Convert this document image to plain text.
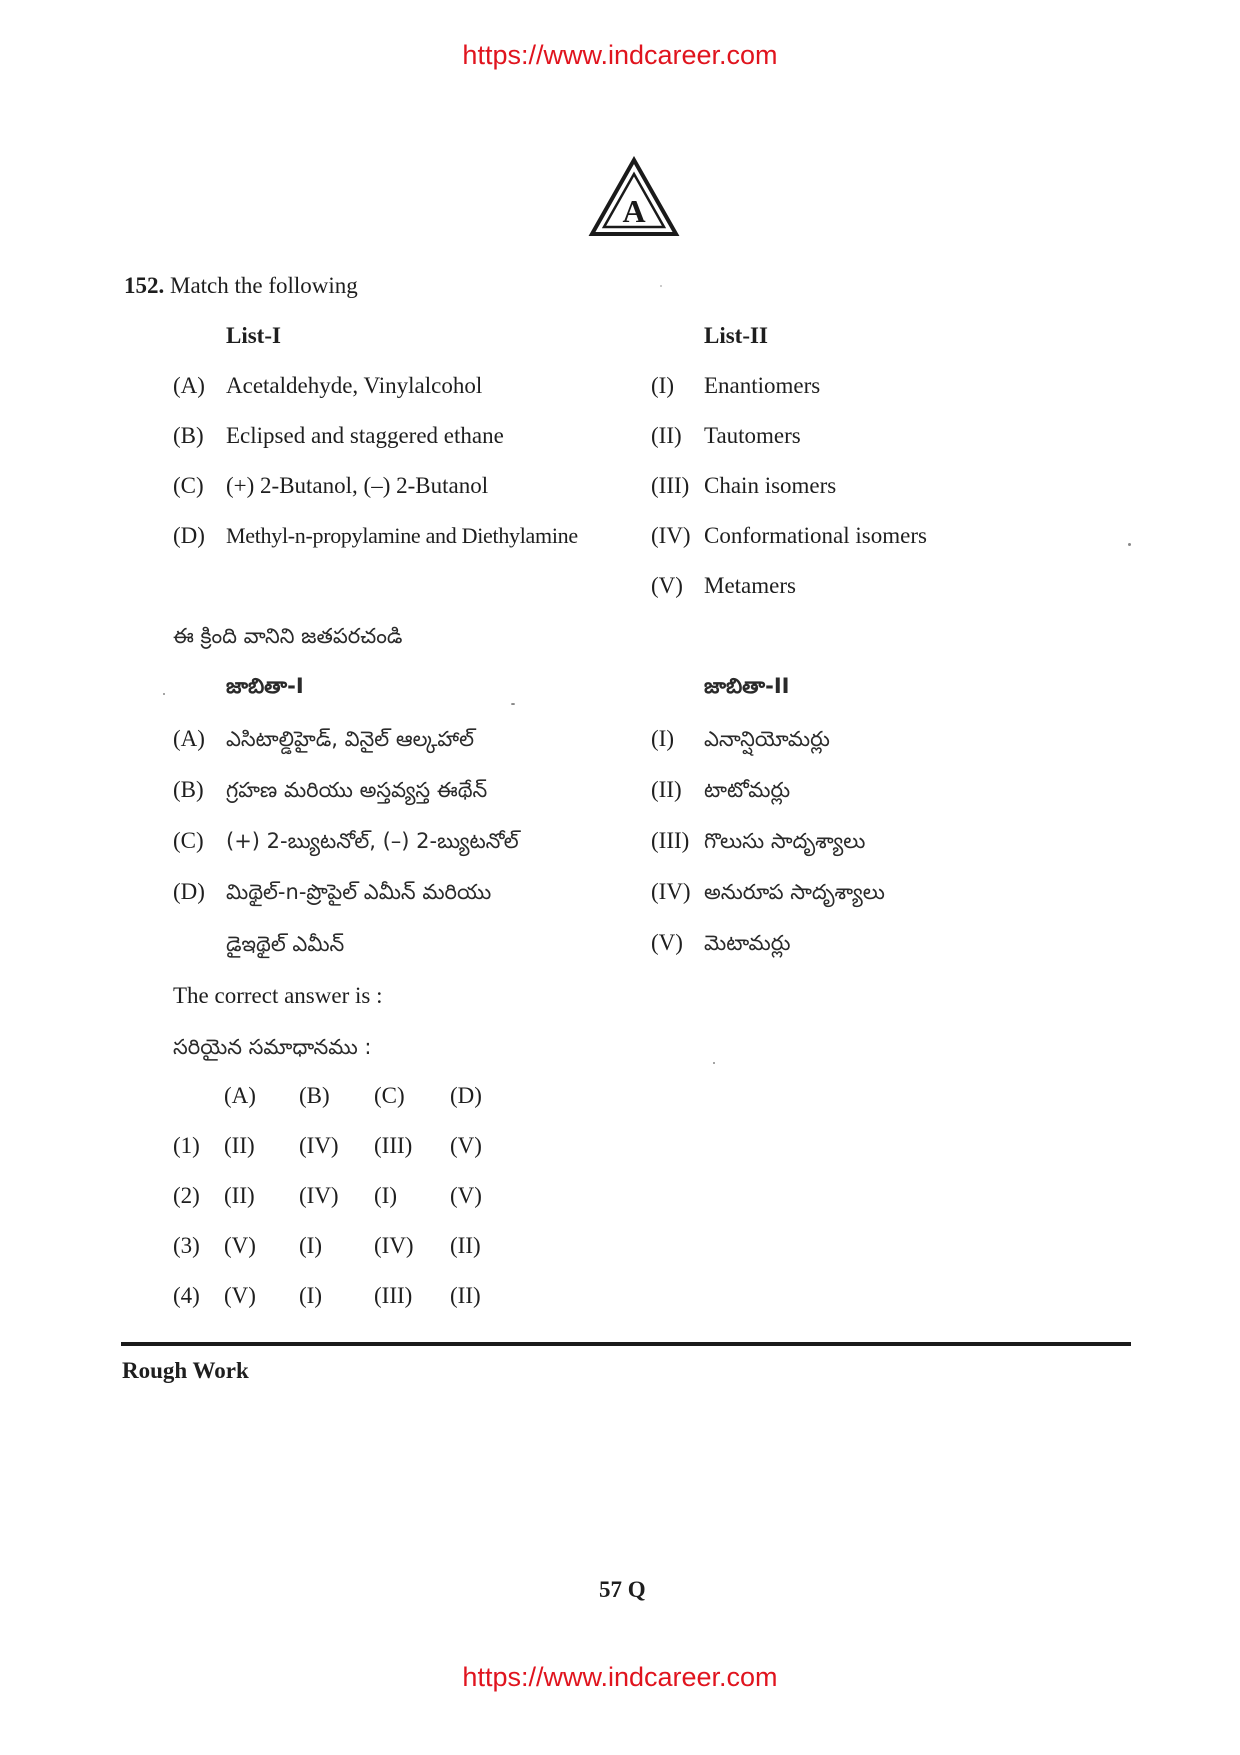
https://www.indcareer.com
A
152. Match the following
List-I	List-II
(A) Acetaldehyde, Vinylalcohol
(B) Eclipsed and staggered ethane
(C) (+) 2-Butanol, (–) 2-Butanol
(D) Methyl-n-propylamine and Diethylamine
(I) Enantiomers
(II) Tautomers
(III) Chain isomers
(IV) Conformational isomers
(V) Metamers
ఈ క్రింది వానిని జతపరచండి
జాబితా-I	జాబితా-II
(A) ఎసిటాల్డిహైడ్, వినైల్ ఆల్కహాల్
(B) గ్రహణ మరియు అస్తవ్యస్త ఈథేన్
(C) (+) 2-బ్యుటనోల్, (–) 2-బ్యుటనోల్
(D) మిథైల్-n-ప్రొపైల్ ఎమీన్ మరియు
డైఇథైల్ ఎమీన్
(I) ఎనాన్షియోమర్లు
(II) టాటోమర్లు
(III) గొలుసు సాదృశ్యాలు
(IV) అనురూప సాదృశ్యాలు
(V) మెటామర్లు
The correct answer is :
సరియైన సమాధానము :
(A) (B) (C) (D)
(1) (II) (IV) (III) (V)
(2) (II) (IV) (I) (V)
(3) (V) (I) (IV) (II)
(4) (V) (I) (III) (II)
Rough Work
57 Q
https://www.indcareer.com
